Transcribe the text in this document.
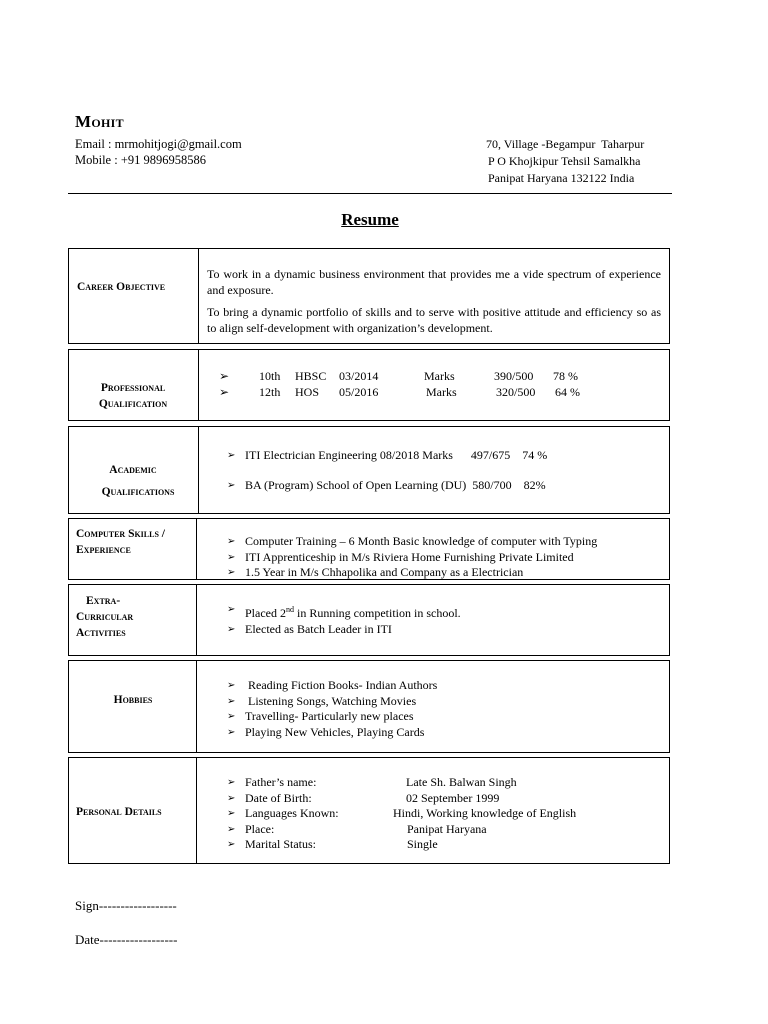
Mohit
Email : mrmohitjogi@gmail.com
Mobile : +91 9896958586
70, Village -Begampur  Taharpur
P O Khojkipur Tehsil Samalkha
Panipat Haryana 132122 India
Resume
Career Objective

To work in a dynamic business environment that provides me a vide spectrum of experience and exposure.

To bring a dynamic portfolio of skills and to serve with positive attitude and efficiency so as to align self-development with organization’s development.

Professional
Qualification
➢ 10th HBSC 03/2014	Marks	390/500 78 %
➢ 12th HOS 05/2016	Marks	320/500 64 %
Academic
Qualifications
➢ ITI Electrician Engineering 08/2018 Marks      497/675    74 %
➢ BA (Program) School of Open Learning (DU)  580/700    82%
Computer Skills /
Experience
➢ Computer Training – 6 Month Basic knowledge of computer with Typing
➢ ITI Apprenticeship in M/s Riviera Home Furnishing Private Limited
➢ 1.5 Year in M/s Chhapolika and Company as a Electrician
Extra-
Curricular
Activities
➢ Placed 2nd in Running competition in school.
➢ Elected as Batch Leader in ITI
Hobbies
➢  Reading Fiction Books- Indian Authors
➢  Listening Songs, Watching Movies
➢ Travelling- Particularly new places
➢ Playing New Vehicles, Playing Cards
Personal Details
➢ Father’s name:	Late Sh. Balwan Singh
➢ Date of Birth:	02 September 1999
➢ Languages Known:	Hindi, Working knowledge of English
➢ Place:	Panipat Haryana
➢ Marital Status:	Single
Sign------------------
Date------------------
